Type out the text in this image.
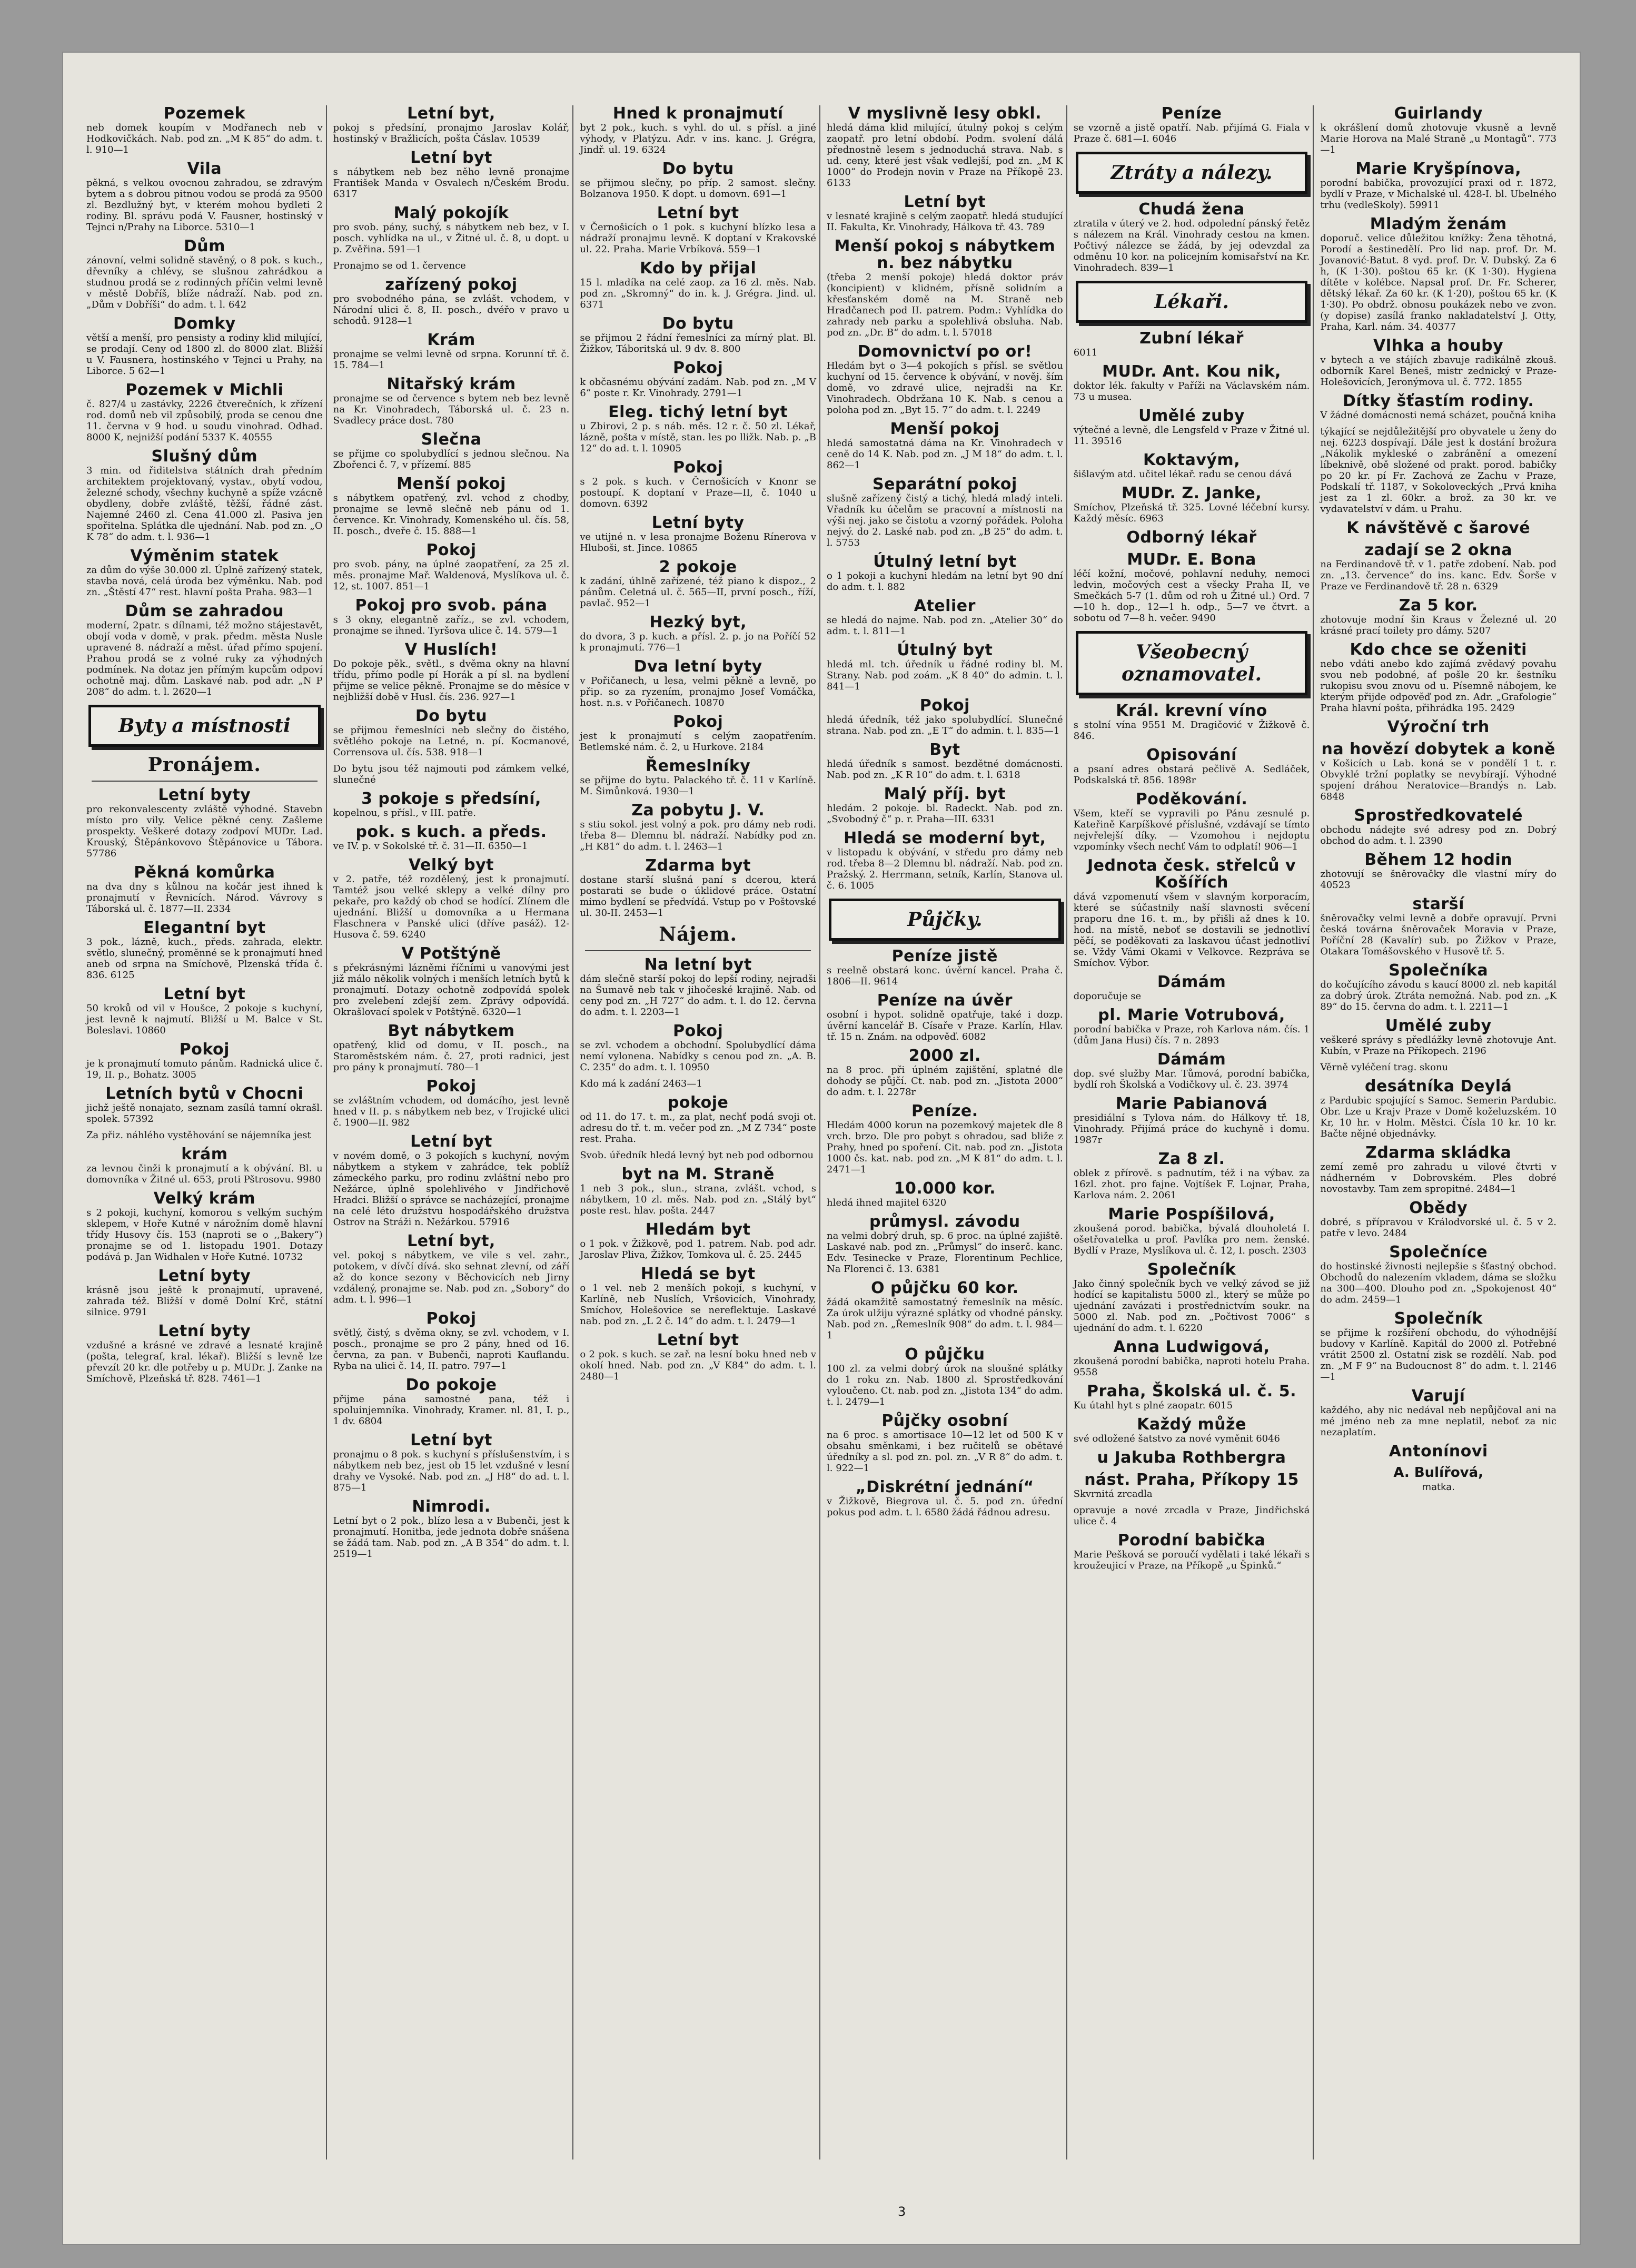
Pozemek

neb domek koupím v Modřanech neb v Hodkovičkách. Nab. pod zn. „M K 85“ do adm. t. l. 910—1

Vila

pěkná, s velkou ovocnou zahradou, se zdravým bytem a s dobrou pitnou vodou se prodá za 9500 zl. Bezdlužný byt, v kterém mohou bydleti 2 rodiny. Bl. správu podá V. Fausner, hostinský v Tejnci n/Prahy na Liborce. 5310—1

Dům

zánovní, velmi solidně stavěný, o 8 pok. s kuch., dřevníky a chlévy, se slušnou zahrádkou a studnou prodá se z rodinných příčin velmi levně v městě Dobříš, blíže nádraží. Nab. pod zn. „Dům v Dobříši“ do adm. t. l. 642

Domky

větší a menší, pro pensisty a rodiny klid milující, se prodají. Ceny od 1800 zl. do 8000 zlat. Bližší u V. Fausnera, hostinského v Tejnci u Prahy, na Liborce. 5 62—1

Pozemek v Michli

č. 827/4 u zastávky, 2226 čtverečních, k zřízení rod. domů neb vil způsobilý, proda se cenou dne 11. června v 9 hod. u soudu vinohrad. Odhad. 8000 K, nejnižší podání 5337 K. 40555

Slušný dům

3 min. od řiditelstva státních drah předním architektem projektovaný, vystav., obytí vodou, železné schody, všechny kuchyně a spíže vzácně obydleny, dobře zvláště, těžší, řádné zást. Najemné 2460 zl. Cena 41.000 zl. Pasiva jen spořitelna. Splátka dle ujednání. Nab. pod zn. „O K 78“ do adm. t. l. 936—1

Výměnim statek

za dům do výše 30.000 zl. Úplně zařízený statek, stavba nová, celá úroda bez výměnku. Nab. pod zn. „Štěstí 47“ rest. hlavní pošta Praha. 983—1

Dům se zahradou

moderní, 2patr. s dílnami, též možno stájestavět, obojí voda v domě, v prak. předm. města Nusle upravené 8. nádraží a měst. úřad přímo spojení. Prahou prodá se z volné ruky za výhodných podmínek. Na dotaz jen přímým kupcům odpoví ochotně maj. dům. Laskavé nab. pod adr. „N P 208“ do adm. t. l. 2620—1

Byty a místnosti
Pronájem.
Letní byty

pro rekonvalescenty zvláště výhodné. Stavebn místo pro vily. Velice pěkné ceny. Zašleme prospekty. Veškeré dotazy zodpoví MUDr. Lad. Krouský, Štěpánkovovo Štěpánovice u Tábora. 57786

Pěkná komůrka

na dva dny s kůlnou na kočár jest ihned k pronajmutí v Řevnicích. Národ. Vávrovy s Táborská ul. č. 1877—II. 2334

Elegantní byt

3 pok., lázně, kuch., předs. zahrada, elektr. světlo, slunečný, proměnné se k pronajmutí hned aneb od srpna na Smíchově, Plzenská třída č. 836. 6125

Letní byt

50 kroků od vil v Houšce, 2 pokoje s kuchyní, jest levně k najmutí. Bližší u M. Balce v St. Boleslavi. 10860

Pokoj

je k pronajmutí tomuto pánům. Radnická ulice č. 19, II. p., Bohatz. 3005

Letních bytů v Chocni

jichž ještě nonajato, seznam zasílá tamní okrašl. spolek. 57392

Za přiz. náhlého vystěhování se nájemníka jest

krám

za levnou činži k pronajmutí a k obývání. Bl. u domovníka v Žitné ul. 653, proti Pštrosovu. 9980

Velký krám

s 2 pokoji, kuchyní, komorou s velkým suchým sklepem, v Hoře Kutné v nárožním domě hlavní třídy Husovy čís. 153 (naproti se o ,,Bakery“) pronajme se od 1. listopadu 1901. Dotazy podává p. Jan Widhalen v Hoře Kutné. 10732

Letní byty

krásně jsou ještě k pronajmutí, upravené, zahrada též. Bližší v domě Dolní Krč, státní silnice. 9791

Letní byty

vzdušné a krásné ve zdravé a lesnaté krajině (pošta, telegraf, kral. lékař). Bližší s levně lze převzít 20 kr. dle potřeby u p. MUDr. J. Zanke na Smíchově, Plzeňská tř. 828. 7461—1

Letní byt,

pokoj s předsíní, pronajmo Jaroslav Kolář, hostinský v Bražlicích, pošta Čáslav. 10539

Letní byt

s nábytkem neb bez něho levně pronajme František Manda v Osvalech n/Českém Brodu. 6317

Malý pokojík

pro svob. pány, suchý, s nábytkem neb bez, v I. posch. vyhlídka na ul., v Žitné ul. č. 8, u dopt. u p. Zvěřina. 591—1

Pronajmo se od 1. července

zařízený pokoj

pro svobodného pána, se zvlášt. vchodem, v Národní ulici č. 8, II. posch., dvéřo v pravo u schodů. 9128—1

Krám

pronajme se velmi levně od srpna. Korunní tř. č. 15. 784—1

Nitařský krám

pronajme se od července s bytem neb bez levně na Kr. Vinohradech, Táborská ul. č. 23 n. Svadlecy práce dost. 780

Slečna

se přijme co spolubydlící s jednou slečnou. Na Zbořenci č. 7, v přízemí. 885

Menší pokoj

s nábytkem opatřený, zvl. vchod z chodby, pronajme se levně slečně neb pánu od 1. července. Kr. Vinohrady, Komenského ul. čís. 58, II. posch., dveře č. 15. 888—1

Pokoj

pro svob. pány, na úplné zaopatření, za 25 zl. měs. pronajme Mař. Waldenová, Myslíkova ul. č. 12, st. 1007. 851—1

Pokoj pro svob. pána

s 3 okny, elegantně zaříz., se zvl. vchodem, pronajme se ihned. Tyršova ulice č. 14. 579—1

V Huslích!

Do pokoje pěk., světl., s dvěma okny na hlavní třídu, přímo podle pí Horák a pí sl. na bydlení přijme se velice pěkně. Pronajme se do měsíce v nejbližší době v Husl. čís. 236. 927—1

Do bytu

se přijmou řemeslníci neb slečny do čistého, světlého pokoje na Letné, n. pí. Kocmanové, Corrensova ul. čís. 538. 918—1

Do bytu jsou též najmouti pod zámkem velké, slunečné

3 pokoje s předsíní,

kopelnou, s přísl., v III. patře.

pok. s kuch. a předs.

ve IV. p. v Sokolské tř. č. 31—II. 6350—1

Velký byt

v 2. patře, též rozdělený, jest k pronajmutí. Tamtéž jsou velké sklepy a velké dílny pro pekaře, pro každý ob chod se hodící. Zlínem dle ujednání. Bližší u domovníka a u Hermana Flaschnera v Panské ulici (dříve pasáž). 12-Husova č. 59. 6240

V Potštýně

s překrásnými lázněmi říčními u vanovými jest již málo několik volných i menších letních bytů k pronajmutí. Dotazy ochotně zodpovídá spolek pro zvelebení zdejší zem. Zprávy odpovídá. Okrašlovací spolek v Potštýně. 6320—1

Byt nábytkem

opatřený, klid od domu, v II. posch., na Staroměstském nám. č. 27, proti radnici, jest pro pány k pronajmutí. 780—1

Pokoj

se zvláštním vchodem, od domácího, jest levně hned v II. p. s nábytkem neb bez, v Trojické ulici č. 1900—II. 982

Letní byt

v novém domě, o 3 pokojích s kuchyní, novým nábytkem a stykem v zahrádce, tek poblíž zámeckého parku, pro rodinu zvláštní nebo pro Nežárce, úplně spolehlivého v Jindřichově Hradci. Bližší o správce se nacházející, pronajme na celé léto družstvu hospodářského družstva Ostrov na Stráži n. Nežárkou. 57916

Letní byt,

vel. pokoj s nábytkem, ve vile s vel. zahr., potokem, v dívčí dívá. sko sehnat zlevní, od září až do konce sezony v Běchovicích neb Jirny vzdálený, pronajme se. Nab. pod zn. „Sobory“ do adm. t. l. 996—1

Pokoj

světlý, čistý, s dvěma okny, se zvl. vchodem, v I. posch., pronajme se pro 2 pány, hned od 16. června, za pan. v Bubenči, naproti Kauflandu. Ryba na ulici č. 14, II. patro. 797—1

Do pokoje

přijme pána samostné pana, též i spoluinjemníka. Vinohrady, Kramer. nl. 81, I. p., 1 dv. 6804

Letní byt

pronajmu o 8 pok. s kuchyní s příslušenstvím, i s nábytkem neb bez, jest ob 15 let vzdušné v lesní drahy ve Vysoké. Nab. pod zn. „J H8“ do ad. t. l. 875—1

Nimrodi.

Letní byt o 2 pok., blízo lesa a v Bubenči, jest k pronajmutí. Honitba, jede jednota dobře snášena se žádá tam. Nab. pod zn. „A B 354“ do adm. t. l. 2519—1

Hned k pronajmutí

byt 2 pok., kuch. s vyhl. do ul. s přísl. a jiné výhody, v Platýzu. Adr. v ins. kanc. J. Grégra, Jindř. ul. 19. 6324

Do bytu

se přijmou slečny, po příp. 2 samost. slečny. Bolzanova 1950. K dopt. u domovn. 691—1

Letní byt

v Černošicích o 1 pok. s kuchyní blízko lesa a nádraží pronajmu levně. K doptaní v Krakovské ul. 22. Praha. Marie Vrbíková. 559—1

Kdo by přijal

15 l. mladíka na celé zaop. za 16 zl. měs. Nab. pod zn. „Skromný“ do in. k. J. Grégra. Jind. ul. 6371

Do bytu

se přijmou 2 řádní řemeslníci za mírný plat. Bl. Žižkov, Táboritská ul. 9 dv. 8. 800

Pokoj

k občasnému obývání zadám. Nab. pod zn. „M V 6“ poste r. Kr. Vinohrady. 2791—1

Eleg. tichý letní byt

u Zbirovi, 2 p. s náb. měs. 12 r. č. 50 zl. Lékař, lázně, pošta v místě, stan. les po lližk. Nab. p. „B 12“ do ad. t. l. 10905

Pokoj

s 2 pok. s kuch. v Černošicích v Knonr se postoupí. K doptaní v Praze—II, č. 1040 u domovn. 6392

Letní byty

ve utijné n. v lesa pronajme Boženu Rínerova v Hluboši, st. Jince. 10865

2 pokoje

k zadání, úhlně zařízené, též piano k dispoz., 2 pánům. Celetná ul. č. 565—II, první posch., říží, pavlač. 952—1

Hezký byt,

do dvora, 3 p. kuch. a přísl. 2. p. jo na Poříčí 52 k pronajmutí. 776—1

Dva letní byty

v Pořičanech, u lesa, velmi pěkně a levně, po přip. so za ryzením, pronajmo Josef Vomáčka, host. n.s. v Pořičanech. 10870

Pokoj

jest k pronajmutí s celým zaopatřením. Betlemské nám. č. 2, u Hurkove. 2184

Řemeslníky

se přijme do bytu. Palackého tř. č. 11 v Karlíně. M. Šimůnková. 1930—1

Za pobytu J. V.

s stiu sokol. jest volný a pok. pro dámy neb rodi. třeba 8— Dlemnu bl. nádraží. Nabídky pod zn. „H K81“ do adm. t. l. 2463—1

Zdarma byt

dostane starší slušná paní s dcerou, která postarati se bude o úklidové práce. Ostatní mimo bydlení se předvídá. Vstup po v Poštovské ul. 30-II. 2453—1

Nájem.
Na letní byt

dám slečně starší pokoj do lepší rodiny, nejradši na Šumavě neb tak v jihočeské krajině. Nab. od ceny pod zn. „H 727“ do adm. t. l. do 12. června do adm. t. l. 2203—1

Pokoj

se zvl. vchodem a obchodní. Spolubydlící dáma nemí vylonena. Nabídky s cenou pod zn. „A. B. C. 235“ do adm. t. l. 10950

Kdo má k zadání 2463—1

pokoje

od 11. do 17. t. m., za plat, nechť podá svoji ot. adresu do tř. t. m. večer pod zn. „M Z 734“ poste rest. Praha.

Svob. úředník hledá levný byt neb pod odbornou

byt na M. Straně

1 neb 3 pok., slun., strana, zvlášt. vchod, s nábytkem, 10 zl. měs. Nab. pod zn. „Stálý byt“ poste rest. hlav. pošta. 2447

Hledám byt

o 1 pok. v Žižkově, pod 1. patrem. Nab. pod adr. Jaroslav Pliva, Žižkov, Tomkova ul. č. 25. 2445

Hledá se byt

o 1 vel. neb 2 menších pokojí, s kuchyní, v Karlíně, neb Nuslích, Vršovicích, Vinohrady, Smíchov, Holešovice se nereflektuje. Laskavé nab. pod zn. „L 2 č. 14“ do adm. t. l. 2479—1

Letní byt

o 2 pok. s kuch. se zař. na lesní boku hned neb v okolí hned. Nab. pod zn. „V K84“ do adm. t. l. 2480—1

V myslivně lesy obkl.

hledá dáma klid milující, útulný pokoj s celým zaopatř. pro letní období. Podm. svolení dálá přednostně lesem s jednoduchá strava. Nab. s ud. ceny, které jest však vedlejší, pod zn. „M K 1000“ do Prodejn novin v Praze na Příkopě 23. 6133

Letní byt

v lesnaté krajině s celým zaopatř. hledá studující II. Fakulta, Kr. Vinohrady, Hálkova tř. 43. 789

Menší pokoj s nábytkem n. bez nábytku

(třeba 2 menší pokoje) hledá doktor práv (koncipient) v klidném, přísně solidním a křesťanském domě na M. Straně neb Hradčanech pod II. patrem. Podm.: Vyhlídka do zahrady neb parku a spolehlivá obsluha. Nab. pod zn. „Dr. B“ do adm. t. l. 57018

Domovnictví po or!

Hledám byt o 3—4 pokojích s přísl. se světlou kuchyní od 15. července k obývání, v nověj. ším domě, vo zdravé ulice, nejradši na Kr. Vinohradech. Obdržana 10 K. Nab. s cenou a poloha pod zn. „Byt 15. 7“ do adm. t. l. 2249

Menší pokoj

hledá samostatná dáma na Kr. Vinohradech v ceně do 14 K. Nab. pod zn. „J M 18“ do adm. t. l. 862—1

Separátní pokoj

slušně zařízený čistý a tichý, hledá mladý inteli. Vřadník ku účelům se pracovní a místnosti na výši nej. jako se čistotu a vzorný pořádek. Poloha nejvý. do 2. Laské nab. pod zn. „B 25“ do adm. t. l. 5753

Útulný letní byt

o 1 pokoji a kuchyni hledám na letní byt 90 dní do adm. t. l. 882

Atelier

se hledá do najme. Nab. pod zn. „Atelier 30“ do adm. t. l. 811—1

Útulný byt

hledá ml. tch. úředník u řádné rodiny bl. M. Strany. Nab. pod zoám. „K 8 40“ do admin. t. l. 841—1

Pokoj

hledá úředník, též jako spolubydlící. Slunečné strana. Nab. pod zn. „E T“ do admin. t. l. 835—1

Byt

hledá úředník s samost. bezdětné domácnosti. Nab. pod zn. „K R 10“ do adm. t. l. 6318

Malý příj. byt

hledám. 2 pokoje. bl. Radeckt. Nab. pod zn. „Svobodný č“ p. r. Praha—III. 6331

Hledá se moderní byt,

v listopadu k obývání, v středu pro dámy neb rod. třeba 8—2 Dlemnu bl. nádraží. Nab. pod zn. Pražský. 2. Herrmann, setník, Karlín, Stanova ul. č. 6. 1005

Půjčky.
Peníze jistě

s reelně obstará konc. úvěrní kancel. Praha č. 1806—II. 9614

Peníze na úvěr

osobní i hypot. solidně opatřuje, také i dozp. úvěrní kancelář B. Císaře v Praze. Karlín, Hlav. tř. 15 n. Znám. na odpověď. 6082

2000 zl.

na 8 proc. při úplném zajištění, splatné dle dohody se půjčí. Ct. nab. pod zn. „Jistota 2000“ do adm. t. l. 2278r

Peníze.

Hledám 4000 korun na pozemkový majetek dle 8 vrch. brzo. Dle pro pobyt s ohradou, sad bliže z Prahy, hned po spoření. Cit. nab. pod zn. „Jistota 1000 čs. kat. nab. pod zn. „M K 81“ do adm. t. l. 2471—1

10.000 kor.

hledá ihned majitel 6320

průmysl. závodu

na velmi dobrý druh, sp. 6 proc. na úplné zajiště. Laskavé nab. pod zn. „Průmysl“ do inserč. kanc. Edv. Tesinecke v Praze, Florentinum Pechlice, Na Florenci č. 13. 6381

O půjčku 60 kor.

žádá okamžitě samostatný řemeslník na měsíc. Za úrok ulžiju výrazné splátky od vhodné pánsky. Nab. pod zn. „Řemeslník 908“ do adm. t. l. 984—1

O půjčku

100 zl. za velmi dobrý úrok na sloušné splátky do 1 roku zn. Nab. 1800 zl. Sprostředkování vyloučeno. Ct. nab. pod zn. „Jistota 134“ do adm. t. l. 2479—1

Půjčky osobní

na 6 proc. s amortisace 10—12 let od 500 K v obsahu směnkami, i bez ručitelů se obětavé úředníky a sl. pod zn. pol. zn. „V R 8“ do adm. t. l. 922—1

„Diskrétní jednání“

v Žižkově, Biegrova ul. č. 5. pod zn. úřední pokus pod adm. t. l. 6580 žádá řádnou adresu.

Peníze

se vzorně a jistě opatří. Nab. přijímá G. Fiala v Praze č. 681—I. 6046

Ztráty a nálezy.
Chudá žena

ztratila v úterý ve 2. hod. odpolední pánský řetěz s nálezem na Král. Vinohrady cestou na kmen. Počtivý nálezce se žádá, by jej odevzdal za odměnu 10 kor. na policejním komisařství na Kr. Vinohradech. 839—1

Lékaři.
Zubní lékař

6011

MUDr. Ant. Kou nik,

doktor lék. fakulty v Paříži na Václavském nám. 73 u musea.

Umělé zuby

výtečné a levně, dle Lengsfeld v Praze v Žitné ul. 11. 39516

Koktavým,

šišlavým atd. učitel lékař. radu se cenou dává

MUDr. Z. Janke,

Smíchov, Plzeňská tř. 325. Lovné léčební kursy. Každý měsíc. 6963

Odborný lékař
MUDr. E. Bona

léčí kožní, močové, pohlavní neduhy, nemoci ledvin, močových cest a všecky Praha II, ve Smečkách 5-7 (1. dům od roh u Žitné ul.) Ord. 7—10 h. dop., 12—1 h. odp., 5—7 ve čtvrt. a sobotu od 7—8 h. večer. 9490

Všeobecný oznamovatel.
Král. krevní víno

s stolní vína 9551 M. Dragičović v Žižkově č. 846.

Opisování

a psaní adres obstará pečlivě A. Sedláček, Podskalská tř. 856. 1898r

Poděkování.

Všem, kteří se vypravili po Pánu zesnulé p. Kateřině Karpíškové příslušné, vzdávají se tímto nejvřelejší díky. — Vzomohou i nejdoptu vzpomínky všech nechť Vám to odplatí! 906—1

Jednota česk. střelců v Košířích

dává vzpomenutí všem v slavným korporacím, které se súčastnily naší slavnosti svěcení praporu dne 16. t. m., by přišli až dnes k 10. hod. na místě, neboť se dostavili se jednotliví pěčí, se poděkovati za laskavou účast jednotliví se. Vždy Vámi Okami v Velkovce. Rezpráva se Smíchov. Výbor.

Dámám

doporučuje se

pl. Marie Votrubová,

porodní babička v Praze, roh Karlova nám. čís. 1 (dům Jana Husi) čís. 7 n. 2893

Dámám

dop. své služby Mar. Tůmová, porodní babička, bydlí roh Školská a Vodičkovy ul. č. 23. 3974

Marie Pabianová

presidiální s Tylova nám. do Hálkovy tř. 18, Vinohrady. Přijímá práce do kuchyně i domu. 1987r

Za 8 zl.

oblek z přírově. s padnutím, též i na výbav. za 16zl. zhot. pro fajne. Vojtíšek F. Lojnar, Praha, Karlova nám. 2. 2061

Marie Pospíšilová,

zkoušená porod. babička, bývalá dlouholetá I. ošetřovatelka u prof. Pavlíka pro nem. ženské. Bydlí v Praze, Myslíkova ul. č. 12, I. posch. 2303

Společník

Jako činný společník bych ve velký závod se již hodící se kapitalistu 5000 zl., který se může po ujednání zavázati i prostřednictvím soukr. na 5000 zl. Nab. pod zn. „Počtivost 7006“ s ujednání do adm. t. l. 6220

Anna Ludwigová,

zkoušená porodní babička, naproti hotelu Praha. 9558

Praha, Školská ul. č. 5.

Ku útahl hyt s plné zaopatr. 6015

Každý může

své odložené šatstvo za nové vyměnit 6046

u Jakuba Rothbergra
nást. Praha, Příkopy 15

Skvrnitá zrcadla

opravuje a nové zrcadla v Praze, Jindřichská ulice č. 4

Porodní babička

Marie Pešková se poroučí vydělati i také lékaři s kroužeujicí v Praze, na Příkopě „u Špinků.“

Guirlandy

k okrášlení domů zhotovuje vkusně a levně Marie Horova na Malé Straně „u Montagů“. 773—1

Marie Kryšpínova,

porodní babička, provozující praxi od r. 1872, bydlí v Praze, v Michalské ul. 428-I. bl. Ubelného trhu (vedleSkoly). 59911

Mladým ženám

doporuč. velice důležitou knížky: Žena těhotná, Porodí a šestinedělí. Pro lid nap. prof. Dr. M. Jovanović-Batut. 8 vyd. prof. Dr. V. Dubský. Za 6 h, (K 1·30). poštou 65 kr. (K 1·30). Hygiena dítěte v kolébce. Napsal prof. Dr. Fr. Scherer, dětský lékař. Za 60 kr. (K 1·20), poštou 65 kr. (K 1·30). Po obdrž. obnosu poukázek nebo ve zvon. (y dopise) zasílá franko nakladatelství J. Otty, Praha, Karl. nám. 34. 40377

Vlhka a houby

v bytech a ve stájích zbavuje radikálně zkouš. odborník Karel Beneš, mistr zednický v Praze-Holešovicích, Jeronýmova ul. č. 772. 1855

Dítky šťastím rodiny.

V žádné domácnosti nemá scházet, poučná kniha

týkající se nejdůležitější pro obyvatele u ženy do nej. 6223 dospívají. Dále jest k dostání brožura „Nákolik mykleské o zabránění a omezení líbeknivě, obě složené od prakt. porod. babičky po 20 kr. pí Fr. Zachová ze Zachu v Praze, Podskalí tř. 1187, v Sokoloveckých „Prvá kniha jest za 1 zl. 60kr. a brož. za 30 kr. ve vydavatelství v dám. u Prahu.

K návštěvě c šarové
zadají se 2 okna

na Ferdinandově tř. v 1. patře zdobení. Nab. pod zn. „13. července“ do ins. kanc. Edv. Šorše v Praze ve Ferdinandově tř. 28 n. 6329

Za 5 kor.

zhotovuje modní šin Kraus v Železné ul. 20 krásné prací toilety pro dámy. 5207

Kdo chce se oženiti

nebo vdáti anebo kdo zajímá zvědavý povahu svou neb podobné, ať pošle 20 kr. šestníku rukopisu svou znovu od u. Písemně nábojem, ke kterým přijde odpověď pod zn. Adr. „Grafologie“ Praha hlavní pošta, přihrádka 195. 2429

Výroční trh
na hovězí dobytek a koně

v Košicích u Lab. koná se v pondělí 1 t. r. Obvyklé tržní poplatky se nevybírají. Výhodné spojení dráhou Neratovice—Brandýs n. Lab. 6848

Sprostředkovatelé

obchodu nádejte své adresy pod zn. Dobrý obchod do adm. t. l. 2390

Během 12 hodin

zhotovují se šněrovačky dle vlastní míry do 40523

starší

šněrovačky velmi levně a dobře opravují. Prvni česká továrna šněrovaček Moravia v Praze, Poříční 28 (Kavalír) sub. po Žižkov v Praze, Otakara Tomášovského v Husově tř. 5.

Společníka

do kočujícího závodu s kaucí 8000 zl. neb kapitál za dobrý úrok. Ztráta nemožná. Nab. pod zn. „K 89“ do 15. června do adm. t. l. 2211—1

Umělé zuby

veškeré správy s předlážky levně zhotovuje Ant. Kubín, v Praze na Příkopech. 2196

Věrně vyléčení trag. skonu

desátníka Deylá

z Pardubic spojující s Samoc. Semerin Pardubic. Obr. Lze u Krajv Praze v Domě koželuzském. 10 Kr, 10 hr. v Holm. Městci. Čísla 10 kr. 10 kr. Bačte nějné objednávky.

Zdarma skládka

zemí země pro zahradu u vilové čtvrti v nádherném v Dobrovském. Ples dobré novostavby. Tam zem spropitné. 2484—1

Obědy

dobré, s přípravou v Králodvorské ul. č. 5 v 2. patře v levo. 2484

Společníce

do hostinské živnosti nejlepšie s šťastný obchod. Obchodů do nalezením vkladem, dáma se složku na 300—400. Dlouho pod zn. „Spokojenost 40“ do adm. 2459—1

Společník

se přijme k rozšíření obchodu, do výhodnější budovy v Karlíně. Kapitál do 2000 zl. Potřebné vrátit 2500 zl. Ostatní zisk se rozdělí. Nab. pod zn. „M F 9“ na Budoucnost 8“ do adm. t. l. 2146—1

Varují

každého, aby nic nedával neb nepůjčoval ani na mé jméno neb za mne neplatil, neboť za nic nezaplatím.

Antonínovi
A. Bulířová,
matka.
3
